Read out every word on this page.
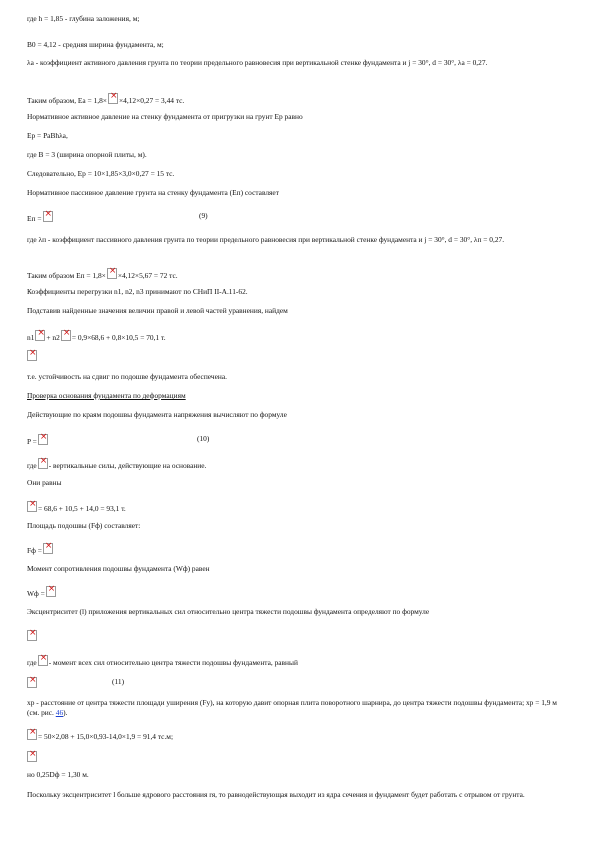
где h = 1,85 - глубина заложения, м;
B0 = 4,12 - средняя ширина фундамента, м;
λа - коэффициент активного давления грунта по теории предельного равновесия при вертикальной стенке фундамента и j = 30°, d = 30°, λa = 0,27.
Таким образом, Ea = 1,8× × ×4,12×0,27 = 3,44 тс.
Нормативное активное давление на стенку фундамента от пригрузки на грунт Ep равно
Ep = PaBhλa,
где B = 3 (ширина опорной плиты, м).
Следовательно, Ep = 10×1,85×3,0×0,27 = 15 тс.
Нормативное пассивное давление грунта на стенку фундамента (Eп) составляет
Eп = ×	(9)
где λп - коэффициент пассивного давления грунта по теории предельного равновесия при вертикальной стенке фундамента и j = 30°, d = 30°, λп = 0,27.
Таким образом Eп = 1,8× × ×4,12×5,67 = 72 тс.
Коэффициенты перегрузки n1, n2, n3 принимают по СНиП II-А.11-62.
Подставив найденные значения величин правой и левой частей уравнения, найдем
n1 × + n2 × = 0,9×68,6 + 0,8×10,5 = 70,1 т.
×
т.е. устойчивость на сдвиг по подошве фундамента обеспечена.
Проверка основания фундамента по деформациям
Действующие по краям подошвы фундамента напряжения вычисляют по формуле
P = ×	(10)
где × - вертикальные силы, действующие на основание.
Они равны
×= 68,6 + 10,5 + 14,0 = 93,1 т.
Площадь подошвы (Fф) составляет:
Fф =×
Момент сопротивления подошвы фундамента (Wф) равен
Wф =×
Эксцентриситет (l) приложения вертикальных сил относительно центра тяжести подошвы фундамента определяют по формуле
×
где × - момент всех сил относительно центра тяжести подошвы фундамента, равный
×
(11)
xp - расстояние от центра тяжести площади уширения (Fу), на которую давит опорная плита поворотного шарнира, до центра тяжести подошвы фундамента; xp = 1,9 м (см. рис. 46).
×= 50×2,08 + 15,0×0,93-14,0×1,9 = 91,4 тс.м;
×
но 0,25Dф = 1,30 м.
Поскольку эксцентриситет l больше ядрового расстояния rя, то равнодействующая выходит из ядра сечения и фундамент будет работать с отрывом от грунта.
